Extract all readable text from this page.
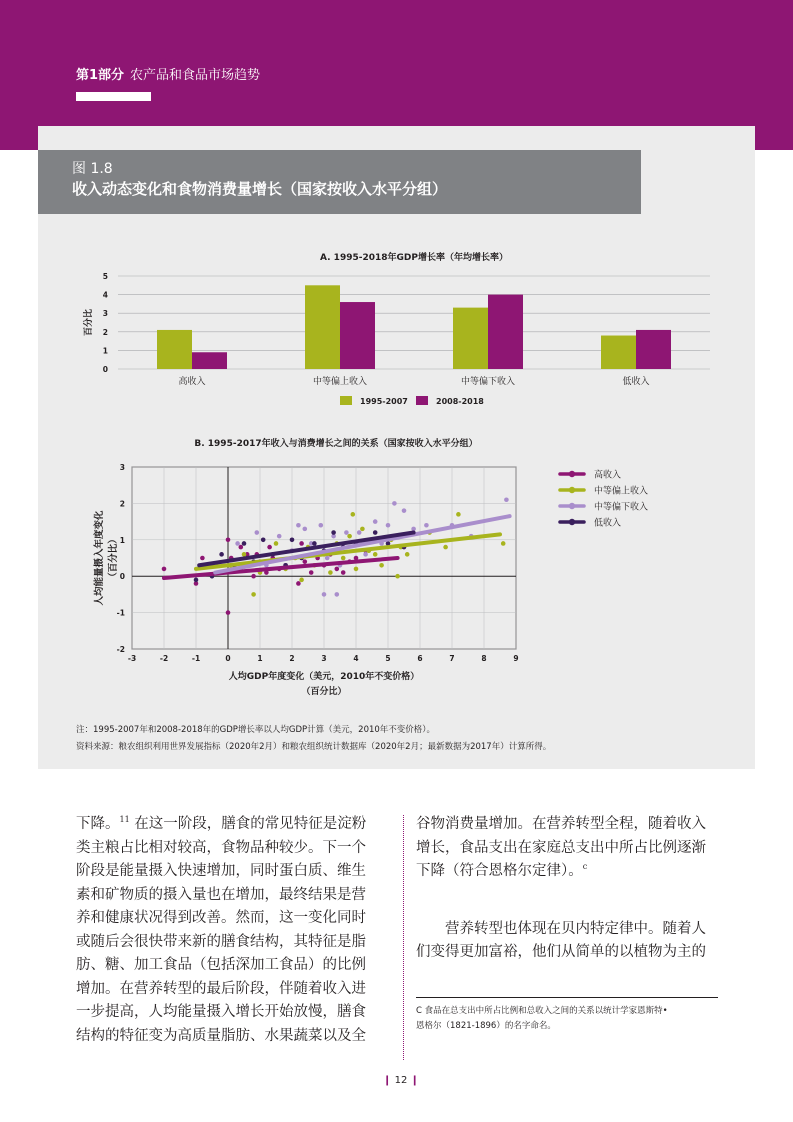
第1部分 农产品和食品市场趋势
图 1.8
收入动态变化和食物消费量增长（国家按收入水平分组）
A. 1995-2018年GDP增长率（年均增长率）
0
1
2
3
4
5
百分比
高收入	中等偏上收入	中等偏下收入	低收入
1995-2007	2008-2018
B. 1995-2017年收入与消费增长之间的关系（国家按收入水平分组）
-2
-1
0
1
2
3
-3	-2	-1	0	1	2	3	4	5	6	7	8	9
人均能量摄入年度变化 （百分比）
人均GDP年度变化（美元，2010年不变价格）
（百分比）
高收入
中等偏上收入
中等偏下收入
低收入
注：1995-2007年和2008-2018年的GDP增长率以人均GDP计算（美元，2010年不变价格）。
资料来源：粮农组织利用世界发展指标（2020年2月）和粮农组织统计数据库（2020年2月；最新数据为2017年）计算所得。

下降。$^{11}$ 在这一阶段，膳食的常见特征是淀粉

类主粮占比相对较高，食物品种较少。下一个

阶段是能量摄入快速增加，同时蛋白质、维生

素和矿物质的摄入量也在增加，最终结果是营

养和健康状况得到改善。然而，这一变化同时

或随后会很快带来新的膳食结构，其特征是脂

肪、糖、加工食品（包括深加工食品）的比例

增加。在营养转型的最后阶段，伴随着收入进

一步提高，人均能量摄入增长开始放慢，膳食

结构的特征变为高质量脂肪、水果蔬菜以及全

谷物消费量增加。在营养转型全程，随着收入

增长，食品支出在家庭总支出中所占比例逐渐

下降（符合恩格尔定律）。$^c$

营养转型也体现在贝内特定律中。随着人

们变得更加富裕，他们从简单的以植物为主的

C 食品在总支出中所占比例和总收入之间的关系以统计学家恩斯特•
恩格尔（1821-1896）的名字命名。
❙ 12 ❙
